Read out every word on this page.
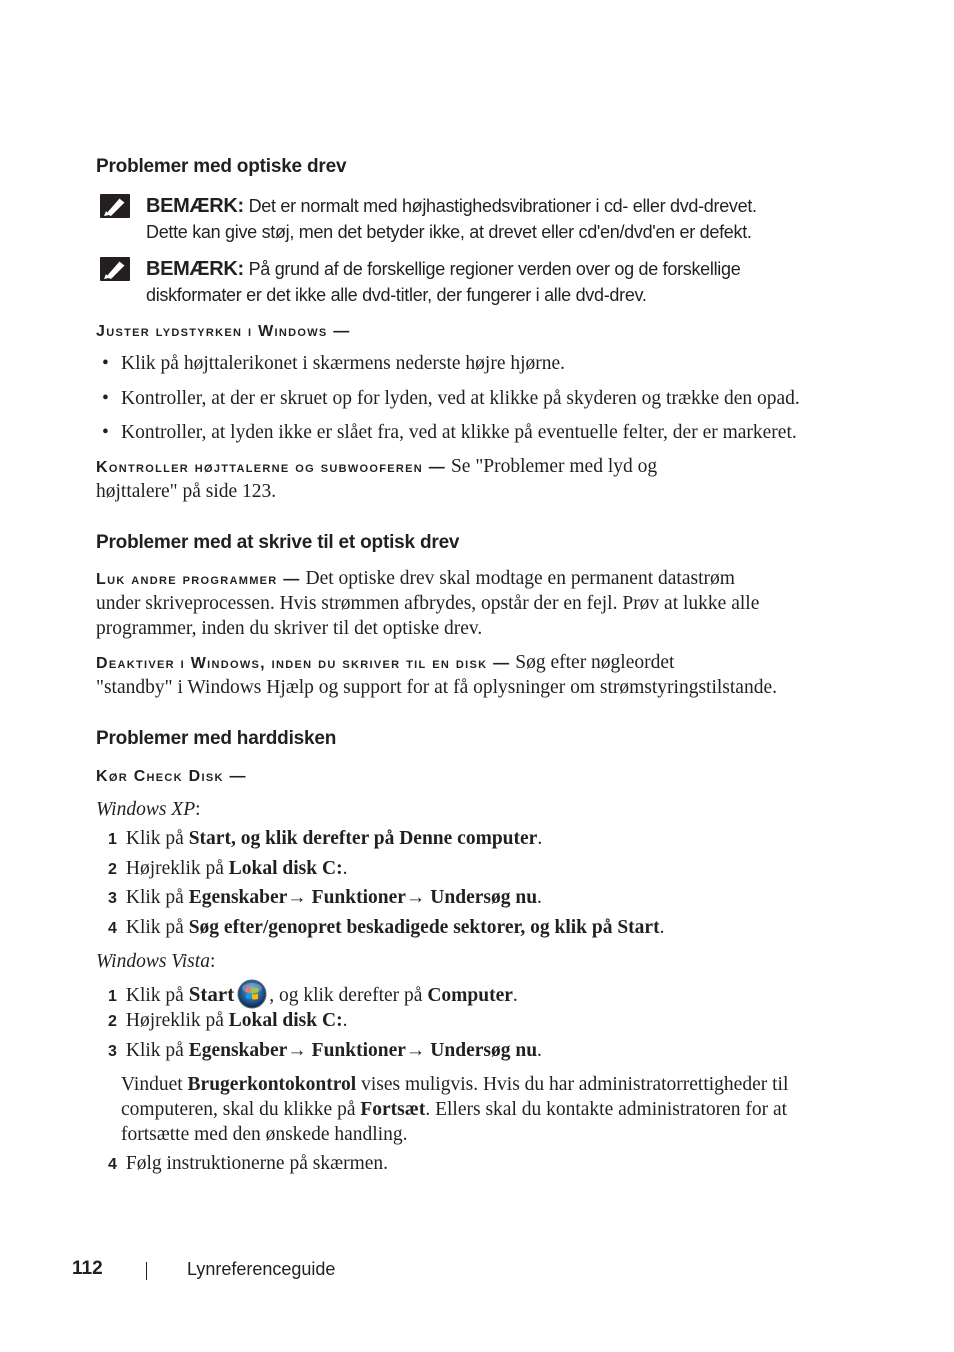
Problemer med optiske drev
BEMÆRK: Det er normalt med højhastighedsvibrationer i cd- eller dvd-drevet.
Dette kan give støj, men det betyder ikke, at drevet eller cd'en/dvd'en er defekt.
BEMÆRK: På grund af de forskellige regioner verden over og de forskellige
diskformater er det ikke alle dvd-titler, der fungerer i alle dvd-drev.
Juster lydstyrken i Windows —
• Klik på højttalerikonet i skærmens nederste højre hjørne.
• Kontroller, at der er skruet op for lyden, ved at klikke på skyderen og trække den opad.
• Kontroller, at lyden ikke er slået fra, ved at klikke på eventuelle felter, der er markeret.
Kontroller højttalerne og subwooferen — Se "Problemer med lyd og
højttalere" på side 123.
Problemer med at skrive til et optisk drev
Luk andre programmer — Det optiske drev skal modtage en permanent datastrøm
under skriveprocessen. Hvis strømmen afbrydes, opstår der en fejl. Prøv at lukke alle
programmer, inden du skriver til det optiske drev.
Deaktiver i Windows, inden du skriver til en disk — Søg efter nøgleordet
"standby" i Windows Hjælp og support for at få oplysninger om strømstyringstilstande.
Problemer med harddisken
Kør Check Disk —
Windows XP:
1 Klik på Start, og klik derefter på Denne computer.
2 Højreklik på Lokal disk C:.
3 Klik på Egenskaber→ Funktioner→ Undersøg nu.
4 Klik på Søg efter/genopret beskadigede sektorer, og klik på Start.
Windows Vista:
1 Klik på Start , og klik derefter på Computer.
2 Højreklik på Lokal disk C:.
3 Klik på Egenskaber→ Funktioner→ Undersøg nu.
Vinduet Brugerkontokontrol vises muligvis. Hvis du har administratorrettigheder til
computeren, skal du klikke på Fortsæt. Ellers skal du kontakte administratoren for at
fortsætte med den ønskede handling.
4 Følg instruktionerne på skærmen.
112	Lynreferenceguide
